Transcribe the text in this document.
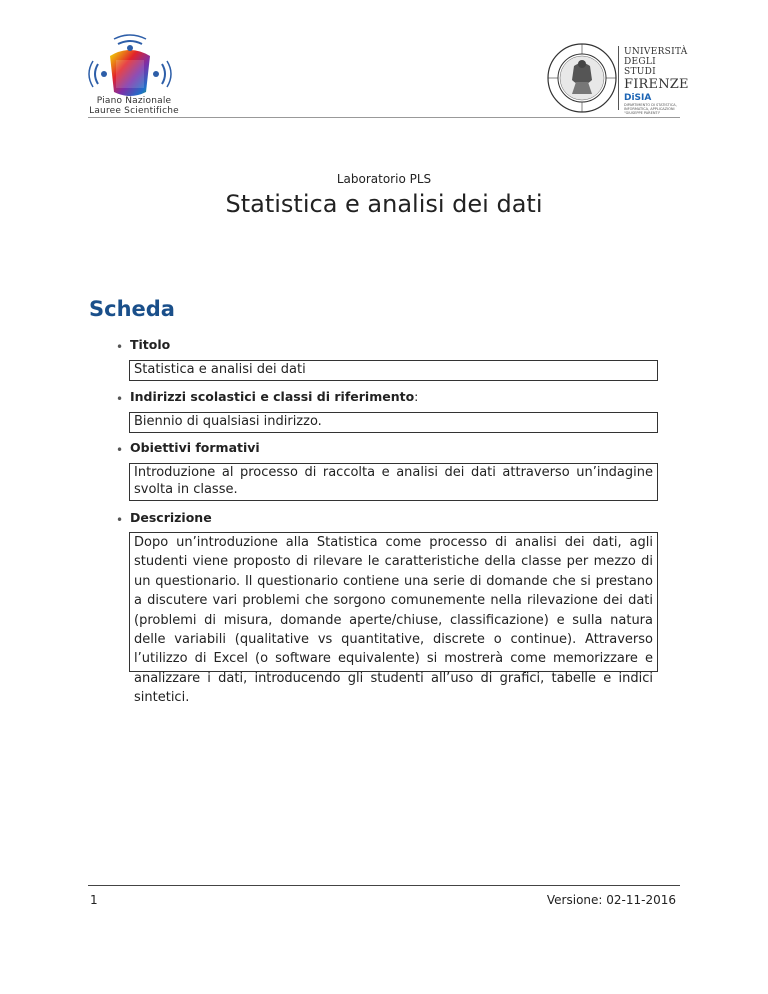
Piano Nazionale
Lauree Scientifiche
UNIVERSITÀ
DEGLI STUDI
FIRENZE
DiSIA
DIPARTIMENTO DI STATISTICA,
INFORMATICA, APPLICAZIONI
"GIUSEPPE PARENTI"
Laboratorio PLS
Statistica e analisi dei dati
Scheda
• Titolo
Statistica e analisi dei dati
• Indirizzi scolastici e classi di riferimento:
Biennio di qualsiasi indirizzo.
• Obiettivi formativi
Introduzione al processo di raccolta e analisi dei dati attraverso un’indagine svolta in classe.
• Descrizione
Dopo un’introduzione alla Statistica come processo di analisi dei dati, agli studenti viene proposto di rilevare le caratteristiche della classe per mezzo di un questionario. Il questionario contiene una serie di domande che si prestano a discutere vari problemi che sorgono comunemente nella rilevazione dei dati (problemi di misura, domande aperte/chiuse, classificazione) e sulla natura delle variabili (qualitative vs quantitative, discrete o continue). Attraverso l’utilizzo di Excel (o software equivalente) si mostrerà come memorizzare e analizzare i dati, introducendo gli studenti all’uso di grafici, tabelle e indici sintetici.
1	Versione: 02-11-2016
